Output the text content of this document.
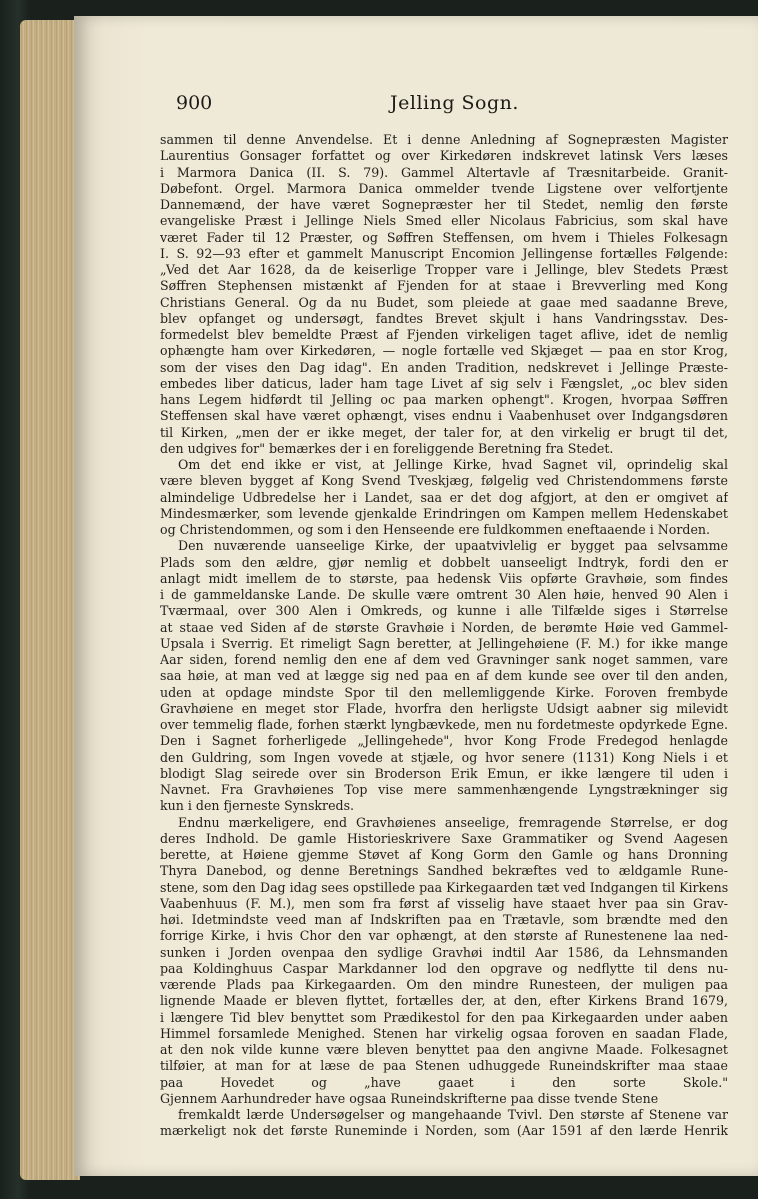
900	Jelling Sogn.

sammen til denne Anvendelse. Et i denne Anledning af Sognepræsten Magister

Laurentius Gonsager forfattet og over Kirkedøren indskrevet latinsk Vers læses

i Marmora Danica (II. S. 79). Gammel Altertavle af Træsnitarbeide. Granit-

Døbefont. Orgel. Marmora Danica ommelder tvende Ligstene over velfortjente

Dannemænd, der have været Sognepræster her til Stedet, nemlig den første

evangeliske Præst i Jellinge Niels Smed eller Nicolaus Fabricius, som skal have

været Fader til 12 Præster, og Søffren Steffensen, om hvem i Thieles Folkesagn

I. S. 92—93 efter et gammelt Manuscript Encomion Jellingense fortælles Følgende:

„Ved det Aar 1628, da de keiserlige Tropper vare i Jellinge, blev Stedets Præst

Søffren Stephensen mistænkt af Fjenden for at staae i Brevverling med Kong

Christians General. Og da nu Budet, som pleiede at gaae med saadanne Breve,

blev opfanget og undersøgt, fandtes Brevet skjult i hans Vandringsstav. Des-

formedelst blev bemeldte Præst af Fjenden virkeligen taget aflive, idet de nemlig

ophængte ham over Kirkedøren, — nogle fortælle ved Skjæget — paa en stor Krog,

som der vises den Dag idag". En anden Tradition, nedskrevet i Jellinge Præste-

embedes liber daticus, lader ham tage Livet af sig selv i Fængslet, „oc blev siden

hans Legem hidførdt til Jelling oc paa marken ophengt". Krogen, hvorpaa Søffren

Steffensen skal have været ophængt, vises endnu i Vaabenhuset over Indgangsdøren

til Kirken, „men der er ikke meget, der taler for, at den virkelig er brugt til det,

den udgives for" bemærkes der i en foreliggende Beretning fra Stedet.

Om det end ikke er vist, at Jellinge Kirke, hvad Sagnet vil, oprindelig skal

være bleven bygget af Kong Svend Tveskjæg, følgelig ved Christendommens første

almindelige Udbredelse her i Landet, saa er det dog afgjort, at den er omgivet af

Mindesmærker, som levende gjenkalde Erindringen om Kampen mellem Hedenskabet

og Christendommen, og som i den Henseende ere fuldkommen eneftaaende i Norden.

Den nuværende uanseelige Kirke, der upaatvivlelig er bygget paa selvsamme

Plads som den ældre, gjør nemlig et dobbelt uanseeligt Indtryk, fordi den er

anlagt midt imellem de to største, paa hedensk Viis opførte Gravhøie, som findes

i de gammeldanske Lande. De skulle være omtrent 30 Alen høie, henved 90 Alen i

Tværmaal, over 300 Alen i Omkreds, og kunne i alle Tilfælde siges i Størrelse

at staae ved Siden af de største Gravhøie i Norden, de berømte Høie ved Gammel-

Upsala i Sverrig. Et rimeligt Sagn beretter, at Jellingehøiene (F. M.) for ikke mange

Aar siden, forend nemlig den ene af dem ved Gravninger sank noget sammen, vare

saa høie, at man ved at lægge sig ned paa en af dem kunde see over til den anden,

uden at opdage mindste Spor til den mellemliggende Kirke. Foroven frembyde

Gravhøiene en meget stor Flade, hvorfra den herligste Udsigt aabner sig milevidt

over temmelig flade, forhen stærkt lyngbævkede, men nu fordetmeste opdyrkede Egne.

Den i Sagnet forherligede „Jellingehede", hvor Kong Frode Fredegod henlagde

den Guldring, som Ingen vovede at stjæle, og hvor senere (1131) Kong Niels i et

blodigt Slag seirede over sin Broderson Erik Emun, er ikke længere til uden i

Navnet. Fra Gravhøienes Top vise mere sammenhængende Lyngstrækninger sig

kun i den fjerneste Synskreds.

Endnu mærkeligere, end Gravhøienes anseelige, fremragende Størrelse, er dog

deres Indhold. De gamle Historieskrivere Saxe Grammatiker og Svend Aagesen

berette, at Høiene gjemme Støvet af Kong Gorm den Gamle og hans Dronning

Thyra Danebod, og denne Beretnings Sandhed bekræftes ved to ældgamle Rune-

stene, som den Dag idag sees opstillede paa Kirkegaarden tæt ved Indgangen til Kirkens

Vaabenhuus (F. M.), men som fra først af visselig have staaet hver paa sin Grav-

høi. Idetmindste veed man af Indskriften paa en Trætavle, som brændte med den

forrige Kirke, i hvis Chor den var ophængt, at den største af Runestenene laa ned-

sunken i Jorden ovenpaa den sydlige Gravhøi indtil Aar 1586, da Lehnsmanden

paa Koldinghuus Caspar Markdanner lod den opgrave og nedflytte til dens nu-

værende Plads paa Kirkegaarden. Om den mindre Runesteen, der muligen paa

lignende Maade er bleven flyttet, fortælles der, at den, efter Kirkens Brand 1679,

i længere Tid blev benyttet som Prædikestol for den paa Kirkegaarden under aaben

Himmel forsamlede Menighed. Stenen har virkelig ogsaa foroven en saadan Flade,

at den nok vilde kunne være bleven benyttet paa den angivne Maade. Folkesagnet

tilføier, at man for at læse de paa Stenen udhuggede Runeindskrifter maa staae

paa Hovedet og „have gaaet i den sorte Skole."

Gjennem Aarhundreder have ogsaa Runeindskrifterne paa disse tvende Stene

fremkaldt lærde Undersøgelser og mangehaande Tvivl. Den største af Stenene var

mærkeligt nok det første Runeminde i Norden, som (Aar 1591 af den lærde Henrik
